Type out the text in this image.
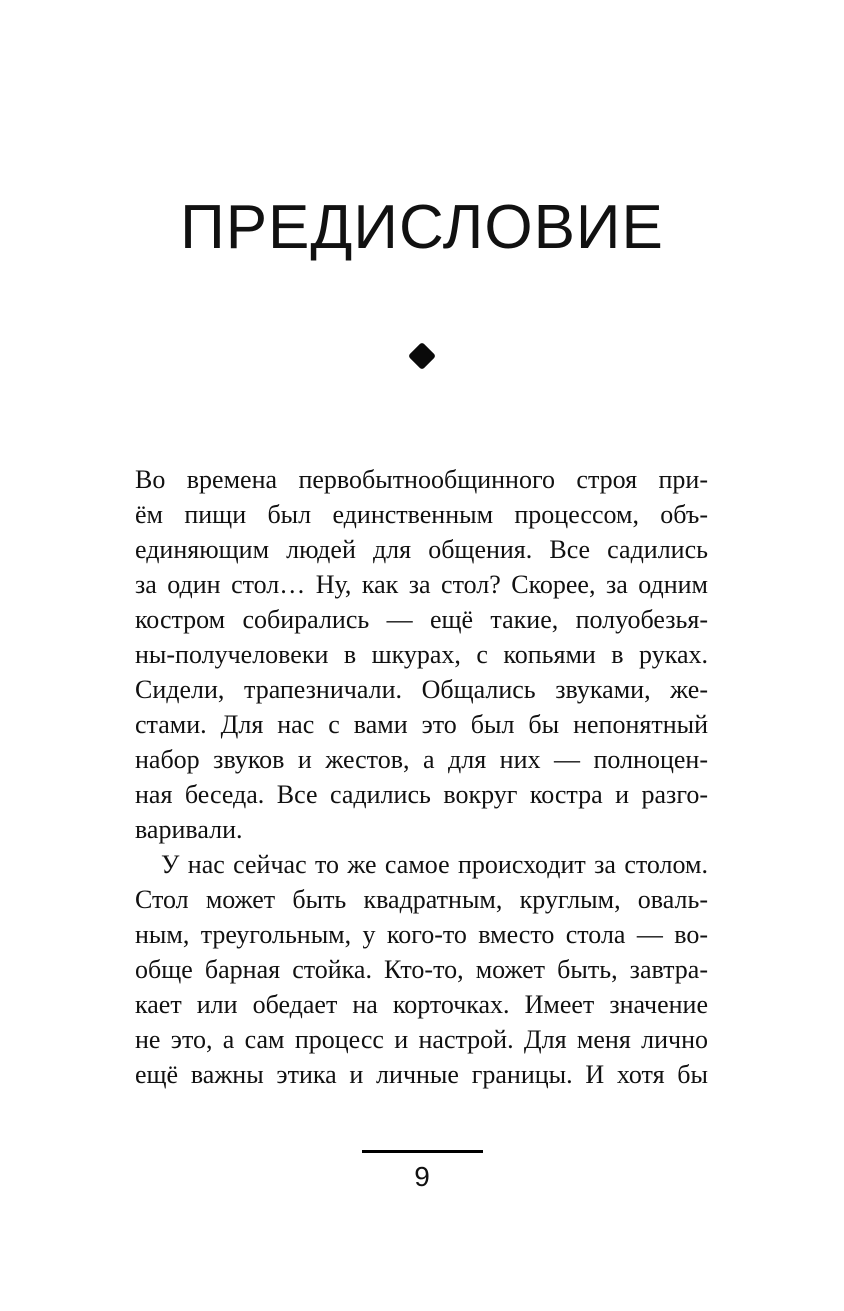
ПРЕДИСЛОВИЕ
Во времена первобытнообщинного строя при-
ём пищи был единственным процессом, объ-
единяющим людей для общения. Все садились
за один стол… Ну, как за стол? Скорее, за одним
костром собирались — ещё такие, полуобезья-
ны-получеловеки в шкурах, с копьями в руках.
Сидели, трапезничали. Общались звуками, же-
стами. Для нас с вами это был бы непонятный
набор звуков и жестов, а для них — полноцен-
ная беседа. Все садились вокруг костра и разго-
варивали.
У нас сейчас то же самое происходит за столом.
Стол может быть квадратным, круглым, оваль-
ным, треугольным, у кого-то вместо стола — во-
обще барная стойка. Кто-то, может быть, завтра-
кает или обедает на корточках. Имеет значение
не это, а сам процесс и настрой. Для меня лично
ещё важны этика и личные границы. И хотя бы
9
